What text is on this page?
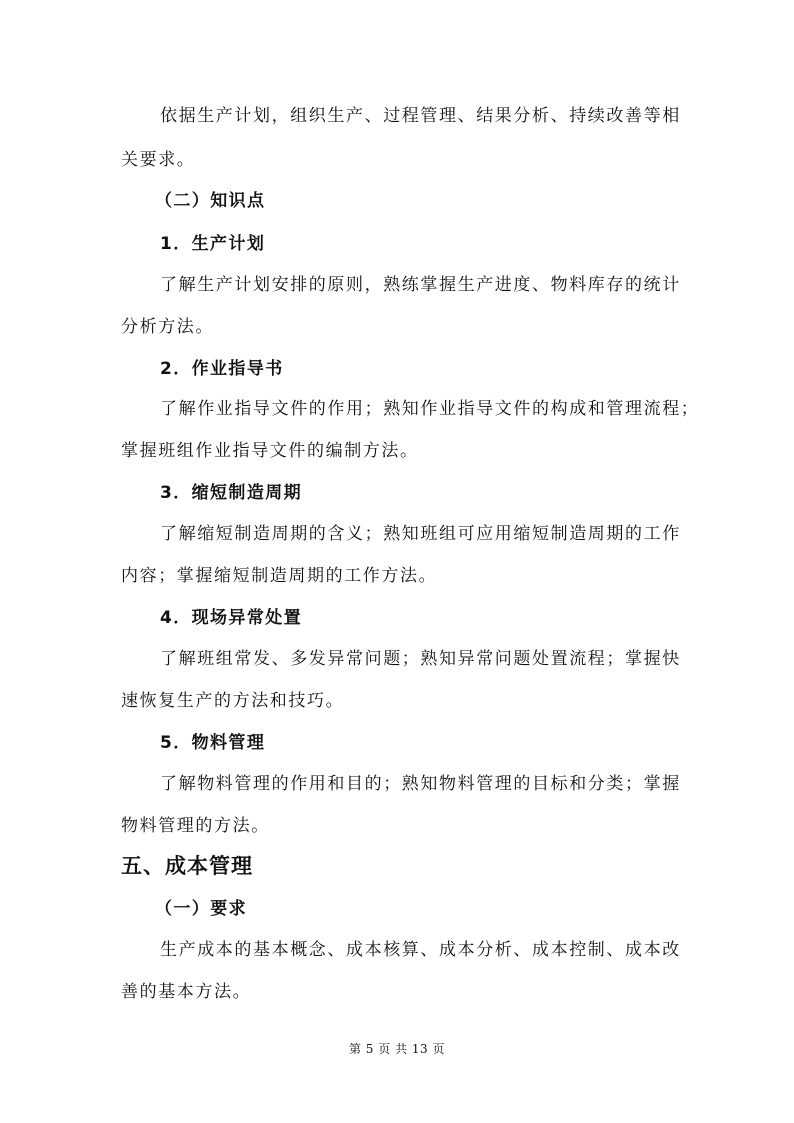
依据生产计划，组织生产、过程管理、结果分析、持续改善等相
关要求。
（二）知识点
1．生产计划
了解生产计划安排的原则，熟练掌握生产进度、物料库存的统计
分析方法。
2．作业指导书
了解作业指导文件的作用；熟知作业指导文件的构成和管理流程；
掌握班组作业指导文件的编制方法。
3．缩短制造周期
了解缩短制造周期的含义；熟知班组可应用缩短制造周期的工作
内容；掌握缩短制造周期的工作方法。
4．现场异常处置
了解班组常发、多发异常问题；熟知异常问题处置流程；掌握快
速恢复生产的方法和技巧。
5．物料管理
了解物料管理的作用和目的；熟知物料管理的目标和分类；掌握
物料管理的方法。
五、成本管理
（一）要求
生产成本的基本概念、成本核算、成本分析、成本控制、成本改
善的基本方法。
第 5 页 共 13 页
